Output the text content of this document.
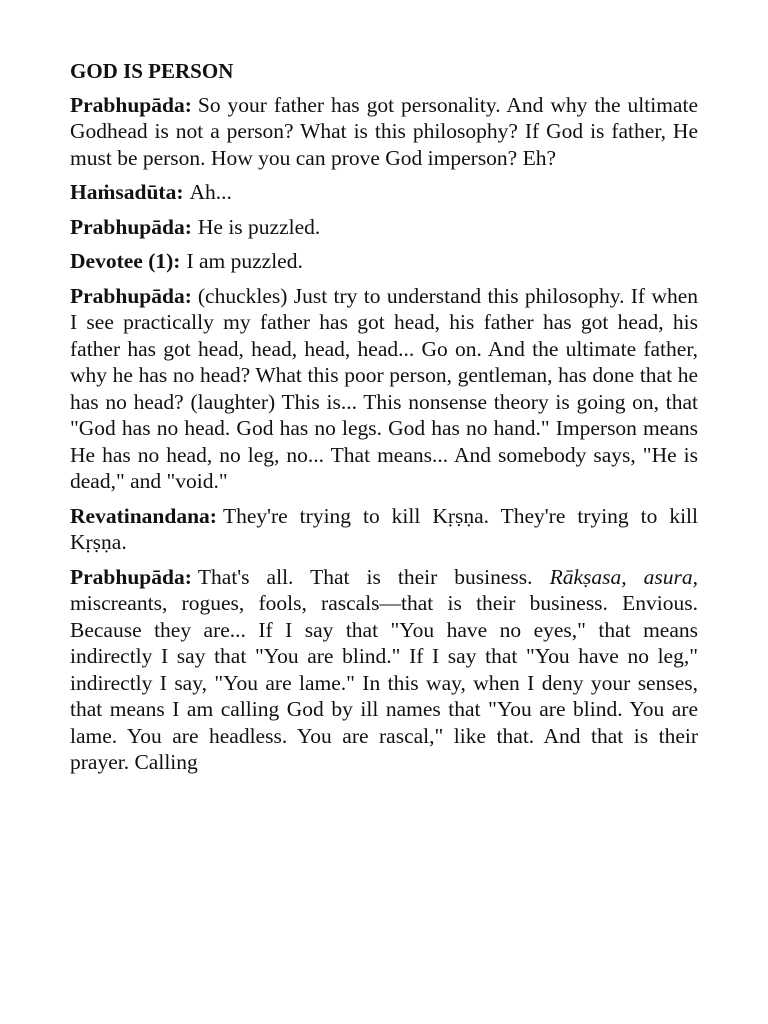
GOD IS PERSON
Prabhupāda: So your father has got personality. And why the ultimate Godhead is not a person? What is this philosophy? If God is father, He must be person. How you can prove God imperson? Eh?
Haṁsadūta: Ah...
Prabhupāda: He is puzzled.
Devotee (1): I am puzzled.
Prabhupāda: (chuckles) Just try to understand this philosophy. If when I see practically my father has got head, his father has got head, his father has got head, head, head, head... Go on. And the ultimate father, why he has no head? What this poor person, gentleman, has done that he has no head? (laughter) This is... This nonsense theory is going on, that "God has no head. God has no legs. God has no hand." Imperson means He has no head, no leg, no... That means... And somebody says, "He is dead," and "void."
Revatinandana: They're trying to kill Kṛṣṇa. They're trying to kill Kṛṣṇa.
Prabhupāda: That's all. That is their business. Rākṣasa, asura, miscreants, rogues, fools, rascals—that is their business. Envious. Because they are... If I say that "You have no eyes," that means indirectly I say that "You are blind." If I say that "You have no leg," indirectly I say, "You are lame." In this way, when I deny your senses, that means I am calling God by ill names that "You are blind. You are lame. You are headless. You are rascal," like that. And that is their prayer. Calling
